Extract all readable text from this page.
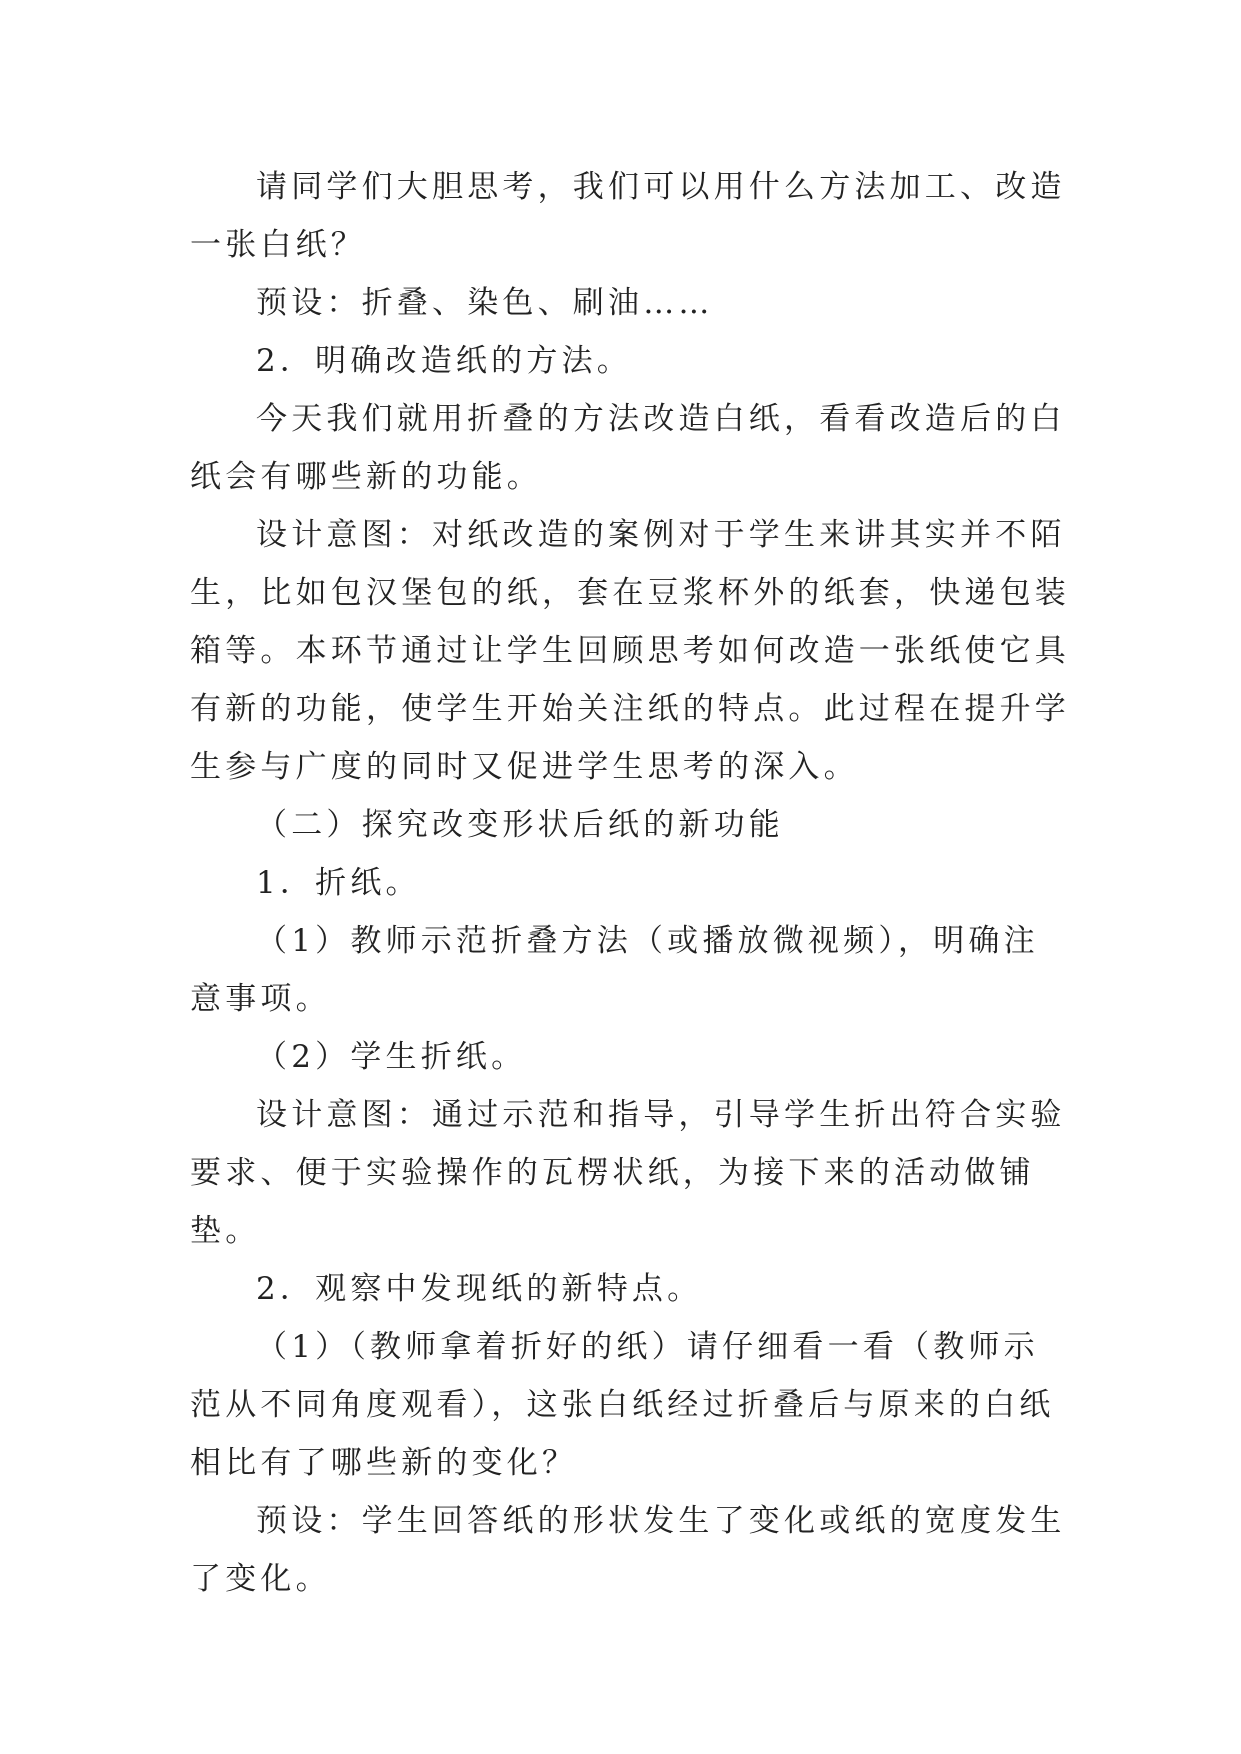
请同学们大胆思考，我们可以用什么方法加工、改造一张白纸？

预设：折叠、染色、刷油……

2．明确改造纸的方法。

今天我们就用折叠的方法改造白纸，看看改造后的白纸会有哪些新的功能。

设计意图：对纸改造的案例对于学生来讲其实并不陌生，比如包汉堡包的纸，套在豆浆杯外的纸套，快递包装箱等。本环节通过让学生回顾思考如何改造一张纸使它具有新的功能，使学生开始关注纸的特点。此过程在提升学生参与广度的同时又促进学生思考的深入。

（二）探究改变形状后纸的新功能

1．折纸。

（1）教师示范折叠方法（或播放微视频），明确注意事项。

（2）学生折纸。

设计意图：通过示范和指导，引导学生折出符合实验要求、便于实验操作的瓦楞状纸，为接下来的活动做铺垫。

2．观察中发现纸的新特点。

（1）（教师拿着折好的纸）请仔细看一看（教师示范从不同角度观看），这张白纸经过折叠后与原来的白纸相比有了哪些新的变化？

预设：学生回答纸的形状发生了变化或纸的宽度发生了变化。
